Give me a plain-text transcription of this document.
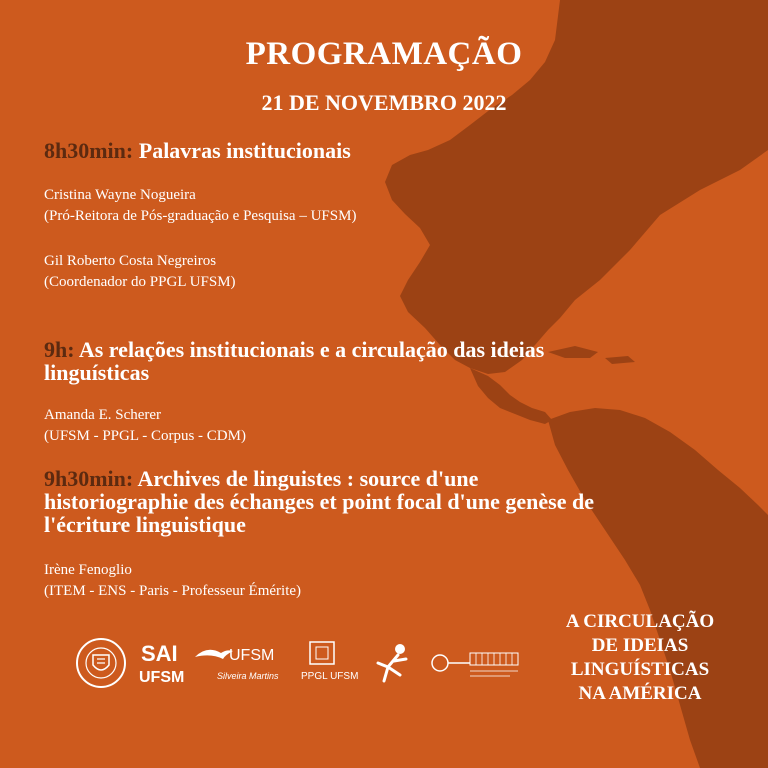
PROGRAMAÇÃO
21 DE NOVEMBRO 2022
8h30min: Palavras institucionais
Cristina Wayne Nogueira
(Pró-Reitora de Pós-graduação e Pesquisa – UFSM)
Gil Roberto Costa Negreiros
(Coordenador do PPGL UFSM)
9h: As relações institucionais e a circulação das ideias
linguísticas
Amanda E. Scherer
(UFSM - PPGL - Corpus - CDM)
9h30min: Archives de linguistes : source d'une
historiographie des échanges et point focal d'une genèse de
l'écriture linguistique
Irène Fenoglio
(ITEM - ENS - Paris - Professeur Émérite)
A CIRCULAÇÃO
DE IDEIAS
LINGUÍSTICAS
NA AMÉRICA
SAI
UFSM
UFSM
Silveira Martins PPGL UFSM
